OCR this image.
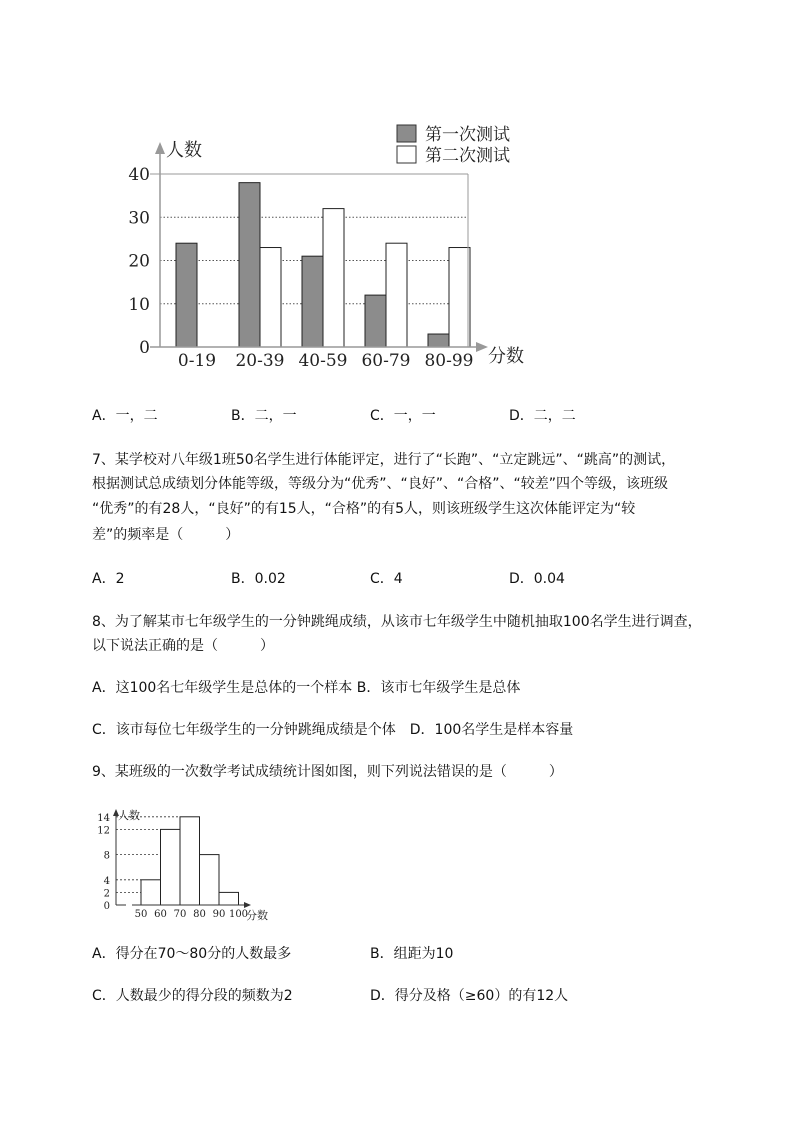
0
10
20
30
40
0-19 20-39 40-59 60-79 80-99
人数
分数
第一次测试
第二次测试
A．一，二	B．二，一	C．一，一	D．二，二
7、某学校对八年级1班50名学生进行体能评定，进行了“长跑”、“立定跳远”、“跳高”的测试，
根据测试总成绩划分体能等级，等级分为“优秀”、“良好”、“合格”、“较差”四个等级，该班级
“优秀”的有28人，“良好”的有15人，“合格”的有5人，则该班级学生这次体能评定为“较
差”的频率是（　　　）
A．2	B．0.02	C．4	D．0.04
8、为了解某市七年级学生的一分钟跳绳成绩，从该市七年级学生中随机抽取100名学生进行调查，
以下说法正确的是（　　　）
A．这100名七年级学生是总体的一个样本 B．该市七年级学生是总体
C．该市每位七年级学生的一分钟跳绳成绩是个体　D．100名学生是样本容量
9、某班级的一次数学考试成绩统计图如图，则下列说法错误的是（　　　）
0
2
4
8
12
14
50 60 70 80 90 100
人数
分数
A．得分在70～80分的人数最多	B．组距为10
C．人数最少的得分段的频数为2	D．得分及格（≥60）的有12人
